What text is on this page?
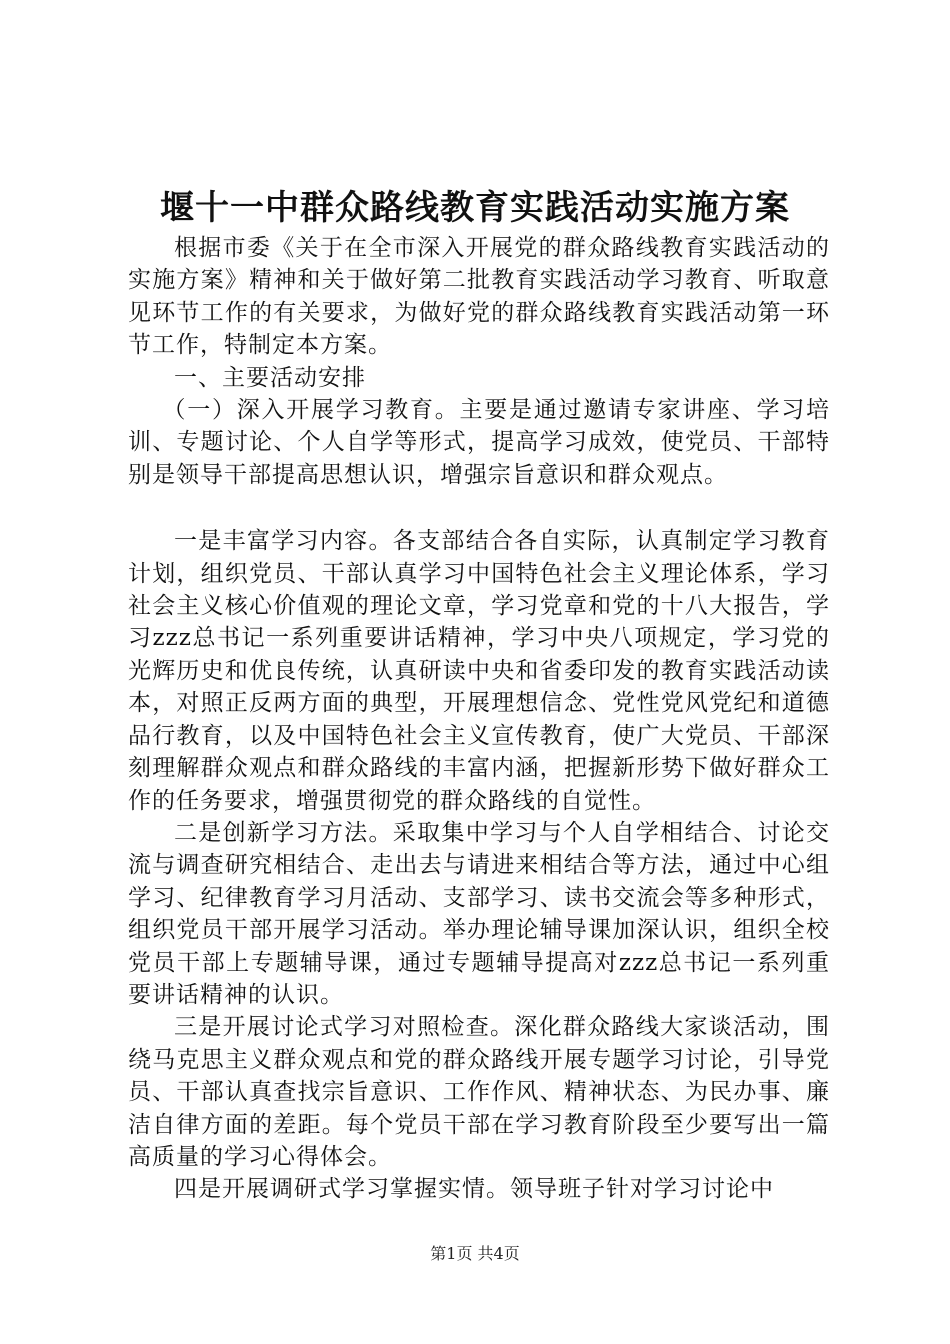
堰十一中群众路线教育实践活动实施方案

根据市委《关于在全市深入开展党的群众路线教育实践活动的实施方案》精神和关于做好第二批教育实践活动学习教育、听取意见环节工作的有关要求，为做好党的群众路线教育实践活动第一环节工作，特制定本方案。

一、主要活动安排

（一）深入开展学习教育。主要是通过邀请专家讲座、学习培训、专题讨论、个人自学等形式，提高学习成效，使党员、干部特别是领导干部提高思想认识，增强宗旨意识和群众观点。

一是丰富学习内容。各支部结合各自实际，认真制定学习教育计划，组织党员、干部认真学习中国特色社会主义理论体系，学习社会主义核心价值观的理论文章，学习党章和党的十八大报告，学习zzz总书记一系列重要讲话精神，学习中央八项规定，学习党的光辉历史和优良传统，认真研读中央和省委印发的教育实践活动读本，对照正反两方面的典型，开展理想信念、党性党风党纪和道德品行教育，以及中国特色社会主义宣传教育，使广大党员、干部深刻理解群众观点和群众路线的丰富内涵，把握新形势下做好群众工作的任务要求，增强贯彻党的群众路线的自觉性。

二是创新学习方法。采取集中学习与个人自学相结合、讨论交流与调查研究相结合、走出去与请进来相结合等方法，通过中心组学习、纪律教育学习月活动、支部学习、读书交流会等多种形式，组织党员干部开展学习活动。举办理论辅导课加深认识，组织全校党员干部上专题辅导课，通过专题辅导提高对zzz总书记一系列重要讲话精神的认识。

三是开展讨论式学习对照检查。深化群众路线大家谈活动，围绕马克思主义群众观点和党的群众路线开展专题学习讨论，引导党员、干部认真查找宗旨意识、工作作风、精神状态、为民办事、廉洁自律方面的差距。每个党员干部在学习教育阶段至少要写出一篇高质量的学习心得体会。

四是开展调研式学习掌握实情。领导班子针对学习讨论中

第1页 共4页
